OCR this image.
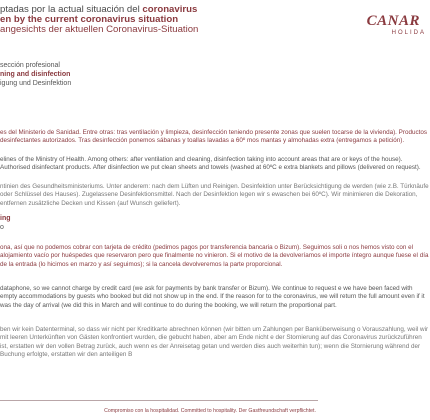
ptadas por la actual situación del coronavirus
en by the current coronavirus situation
angesichts der aktuellen Coronavirus-Situation
CANAR
HOLIDA
sección profesional
ning and disinfection
igung und Desinfektion

es del Ministerio de Sanidad. Entre otras: tras ventilación y limpieza, desinfección teniendo presente zonas que suelen tocarse de la vivienda). Productos desinfectantes autorizados. Tras desinfección ponemos sábanas y toallas lavadas a 60º mos mantas y almohadas extra (entregamos a petición).

elines of the Ministry of Health. Among others: after ventilation and cleaning, disinfection taking into account areas that are or keys of the house). Authorised disinfectant products. After disinfection we put clean sheets and towels (washed at 60ºC e extra blankets and pillows (delivered on request).

ntinien des Gesundheitsministeriums. Unter anderem: nach dem Lüften und Reinigen. Desinfektion unter Berücksichtigung de werden (wie z.B. Türknäufe oder Schlüssel des Hauses). Zugelassene Desinfektionsmittel. Nach der Desinfektion legen wir s ewaschen bei 60ºC). Wir minimieren die Dekoration, entfernen zusätzliche Decken und Kissen (auf Wunsch geliefert).

ing
o

ona, así que no podemos cobrar con tarjeta de crédito (pedimos pagos por transferencia bancaria o Bizum). Seguimos soli o nos hemos visto con el alojamiento vacío por huéspedes que reservaron pero que finalmente no vinieron. Si el motivo de la devolveríamos el importe íntegro aunque fuese el día de la entrada (lo hicimos en marzo y así seguimos); si la cancela devolveremos la parte proporcional.

dataphone, so we cannot charge by credit card (we ask for payments by bank transfer or Bizum). We continue to request e we have been faced with empty accommodations by guests who booked but did not show up in the end. If the reason for to the coronavirus, we will return the full amount even if it was the day of arrival (we did this in March and will continue to do during the booking, we will return the proportional part.

ben wir kein Datenterminal, so dass wir nicht per Kreditkarte abrechnen können (wir bitten um Zahlungen per Banküberweisung o Vorauszahlung, weil wir mit leeren Unterkünften von Gästen konfrontiert wurden, die gebucht haben, aber am Ende nicht e der Stornierung auf das Coronavirus zurückzuführen ist, erstatten wir den vollen Betrag zurück, auch wenn es der Anreisetag getan und werden dies auch weiterhin tun); wenn die Stornierung während der Buchung erfolgte, erstatten wir den anteiligen B

Compromiso con la hospitalidad. Committed to hospitality. Der Gastfreundschaft verpflichtet.
